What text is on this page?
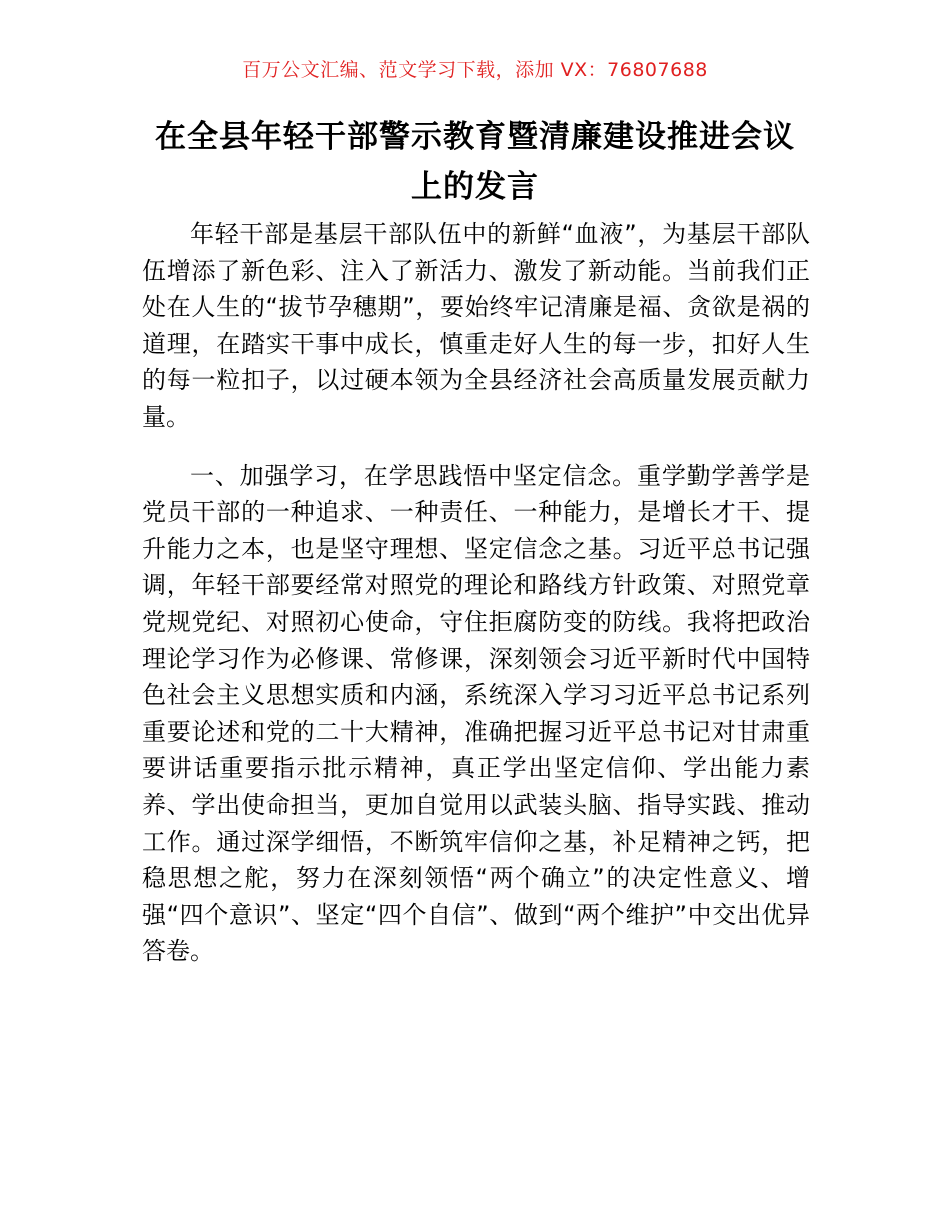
百万公文汇编、范文学习下载，添加 VX：76807688
在全县年轻干部警示教育暨清廉建设推进会议上的发言

年轻干部是基层干部队伍中的新鲜“血液”，为基层干部队伍增添了新色彩、注入了新活力、激发了新动能。当前我们正处在人生的“拔节孕穗期”，要始终牢记清廉是福、贪欲是祸的道理，在踏实干事中成长，慎重走好人生的每一步，扣好人生的每一粒扣子，以过硬本领为全县经济社会高质量发展贡献力量。

一、加强学习，在学思践悟中坚定信念。重学勤学善学是党员干部的一种追求、一种责任、一种能力，是增长才干、提升能力之本，也是坚守理想、坚定信念之基。习近平总书记强调，年轻干部要经常对照党的理论和路线方针政策、对照党章党规党纪、对照初心使命，守住拒腐防变的防线。我将把政治理论学习作为必修课、常修课，深刻领会习近平新时代中国特色社会主义思想实质和内涵，系统深入学习习近平总书记系列重要论述和党的二十大精神，准确把握习近平总书记对甘肃重要讲话重要指示批示精神，真正学出坚定信仰、学出能力素养、学出使命担当，更加自觉用以武装头脑、指导实践、推动工作。通过深学细悟，不断筑牢信仰之基，补足精神之钙，把稳思想之舵，努力在深刻领悟“两个确立”的决定性意义、增强“四个意识”、坚定“四个自信”、做到“两个维护”中交出优异答卷。
